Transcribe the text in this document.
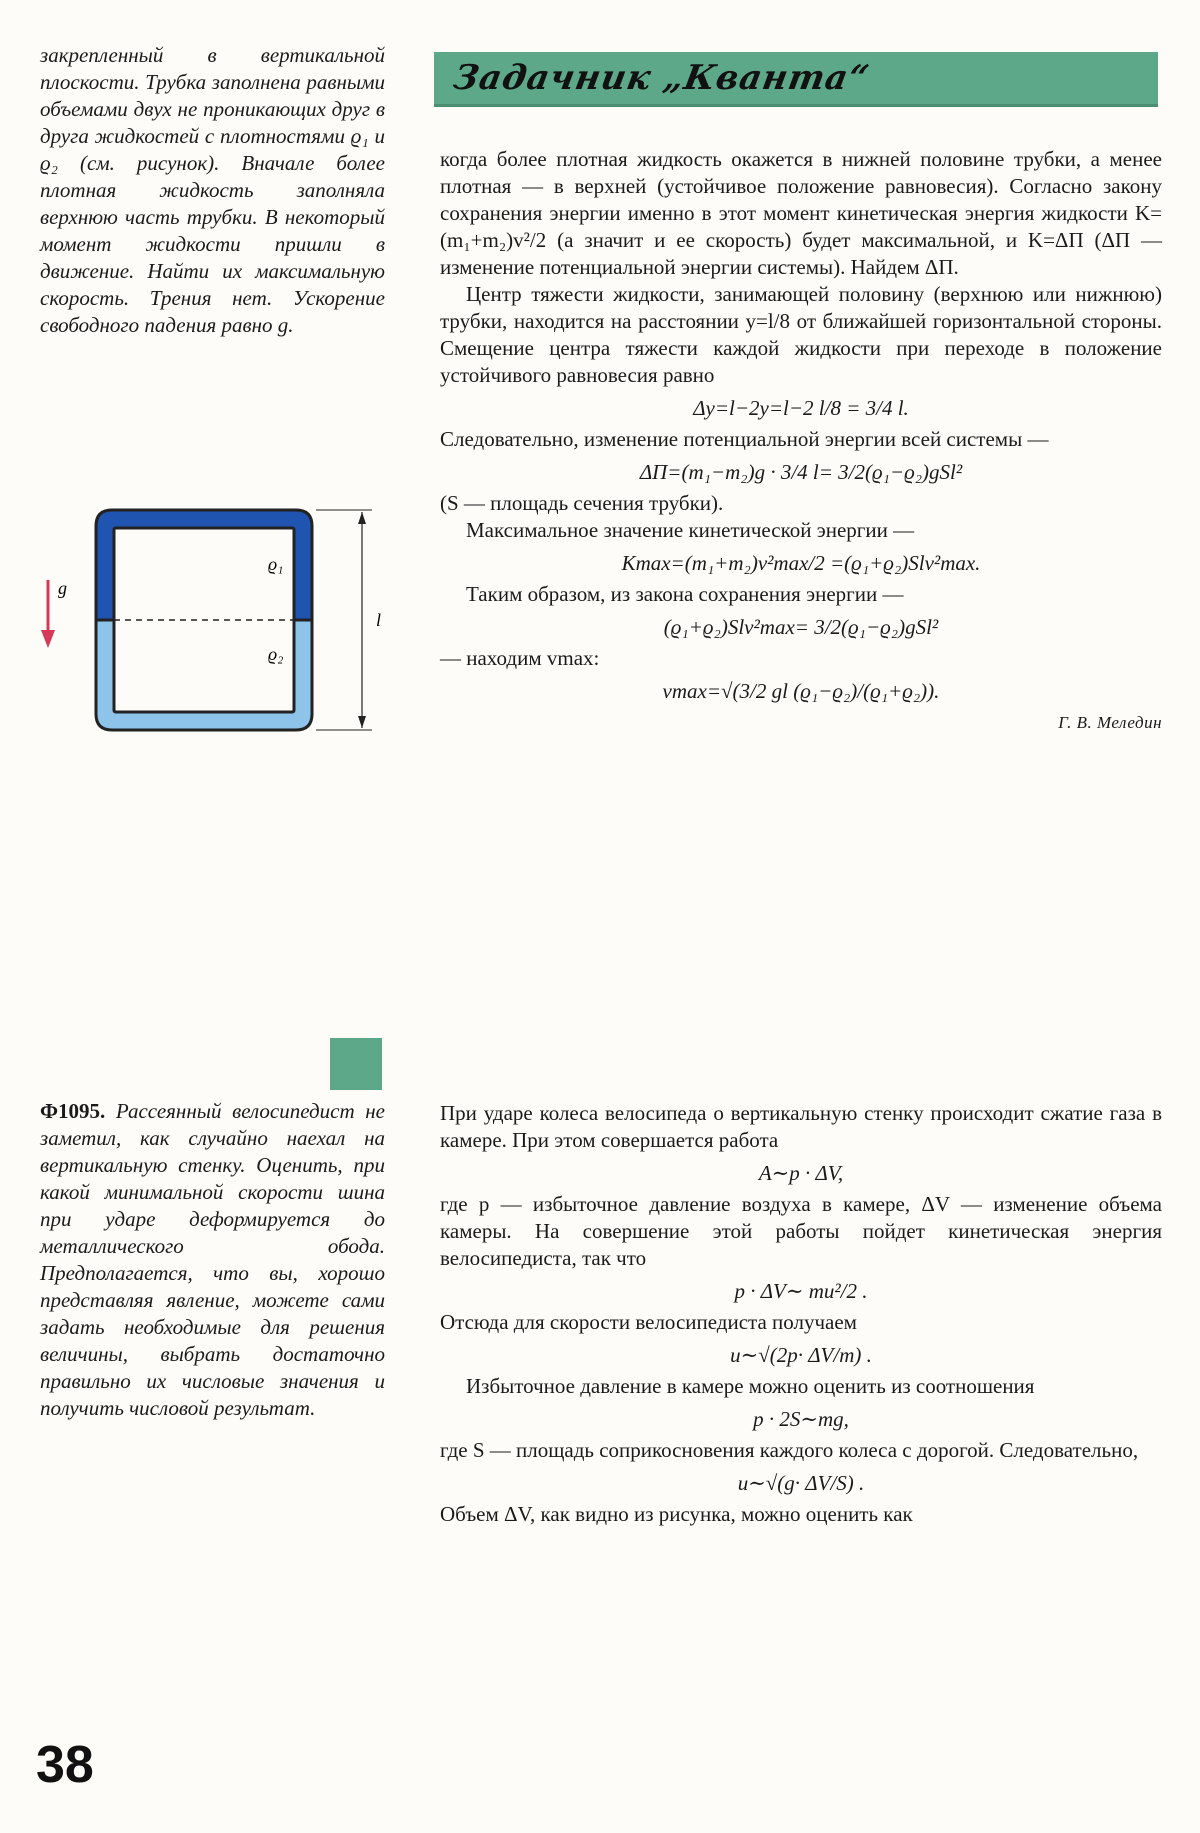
Задачник „Кванта“

закрепленный в вертикальной плоскости. Трубка заполнена равными объемами двух не проникающих друг в друга жидкостей с плотностями ϱ₁ и ϱ₂ (см. рисунок). Вначале более плотная жидкость заполняла верхнюю часть трубки. В некоторый момент жидкости пришли в движение. Найти их максимальную скорость. Трения нет. Ускорение свободного падения равно g.

g
ϱ₁
ϱ₂
l

когда более плотная жидкость окажется в нижней половине трубки, а менее плотная — в верхней (устойчивое положение равновесия). Согласно закону сохранения энергии именно в этот момент кинетическая энергия жидкости K=(m₁+m₂)v²/2 (а значит и ее скорость) будет максимальной, и K=ΔП (ΔП — изменение потенциальной энергии системы). Найдем ΔП.

Центр тяжести жидкости, занимающей половину (верхнюю или нижнюю) трубки, находится на расстоянии y=l/8 от ближайшей горизонтальной стороны. Смещение центра тяжести каждой жидкости при переходе в положение устойчивого равновесия равно

Δy=l−2y=l−2 l/8 = 3/4 l.

Следовательно, изменение потенциальной энергии всей системы —

ΔП=(m₁−m₂)g · 3/4 l= 3/2(ϱ₁−ϱ₂)gSl²

(S — площадь сечения трубки).

Максимальное значение кинетической энергии —

Kmax=(m₁+m₂)v²max/2 =(ϱ₁+ϱ₂)Slv²max.

Таким образом, из закона сохранения энергии —

(ϱ₁+ϱ₂)Slv²max= 3/2(ϱ₁−ϱ₂)gSl²

— находим vmax:

vmax=√(3/2 gl (ϱ₁−ϱ₂)/(ϱ₁+ϱ₂)).

Г. В. Меледин

Ф1095. Рассеянный велосипедист не заметил, как случайно наехал на вертикальную стенку. Оценить, при какой минимальной скорости шина при ударе деформируется до металлического обода. Предполагается, что вы, хорошо представляя явление, можете сами задать необходимые для решения величины, выбрать достаточно правильно их числовые значения и получить числовой результат.

При ударе колеса велосипеда о вертикальную стенку происходит сжатие газа в камере. При этом совершается работа

A∼p · ΔV,

где p — избыточное давление воздуха в камере, ΔV — изменение объема камеры. На совершение этой работы пойдет кинетическая энергия велосипедиста, так что

p · ΔV∼ mu²/2 .

Отсюда для скорости велосипедиста получаем

u∼√(2p· ΔV/m) .

Избыточное давление в камере можно оценить из соотношения

p · 2S∼mg,

где S — площадь соприкосновения каждого колеса с дорогой. Следовательно,

u∼√(g· ΔV/S) .

Объем ΔV, как видно из рисунка, можно оценить как

38
